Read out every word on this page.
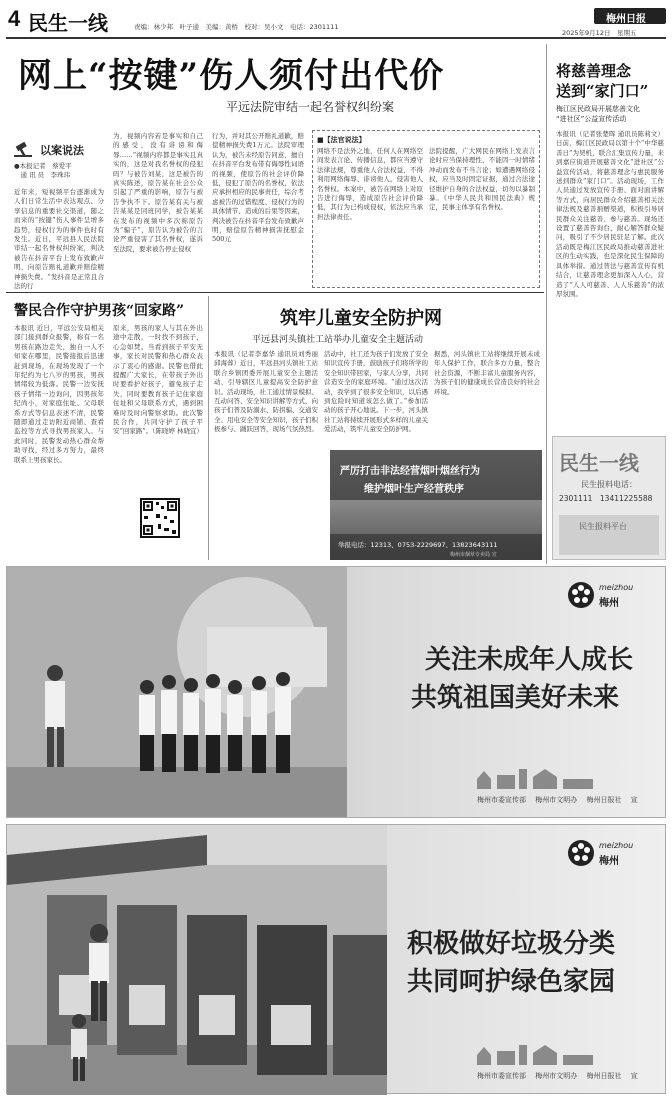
4 民生一线	责编：林少邦　叶子通　美编：黄桥　校对：吴小文　电话：2301111
梅州日报
2025年9月12日　星期五
网上“按键”伤人须付出代价
平远法院审结一起名誉权纠纷案
以案说法
●本报记者　蔡爱平
　通 讯 员　李珠玮
近年来，短视频平台逐渐成为人们日常生活中表达观点、分享信息的重要社交渠道，随之而来的“按键”伤人事件呈增多趋势，侵权行为的事件也时有发生。近日，平远县人民法院审结一起名誉权纠纷案，判决被告在抖音平台上发布致歉声明，向原告赔礼道歉并赔偿精神损失费。“发抖音是正常且合法的行
为，视频内容若是事实和自己的感受，没有诽谤和侮辱……”视频内容都是事实且真实的，这是对我名誉权的侵犯吗？与被告刘某，这是被告的真实陈述，原告某在社会公众引起了严重的影响，原告与被告争执不下。原告某有关与被告某某是同班同学，被告某某在发布的视频中多次称原告为“骗子”，原告认为被告的言论严重侵害了其名誉权，遂诉至法院，要求被告停止侵权
行为，并对其公开赔礼道歉，赔偿精神损失费1万元。法院审理认为，被告未经原告同意，擅自在抖音平台发布带有侮辱性词语的视频，使原告的社会评价降低，侵犯了原告的名誉权，依法应承担相应的民事责任，综合考虑被告的过错程度、侵权行为的具体情节、造成的后果等因素，判决被告在抖音平台发布致歉声明，赔偿原告精神损害抚慰金500元
■【法官说法】
网络不是法外之地，任何人在网络空间发表言论、传播信息，都应当遵守法律法规，尊重他人合法权益，不得利用网络侮辱、诽谤他人，侵害他人名誉权。本案中，被告在网络上对原告进行侮辱，造成原告社会评价降低，其行为已构成侵权，依法应当承担法律责任。
法院提醒，广大网民在网络上发表言论时应当保持理性，不能因一时情绪冲动而发布不当言论；如遭遇网络侵权，应当及时固定证据，通过合法途径维护自身的合法权益，切勿以暴制暴。《中华人民共和国民法典》规定，民事主体享有名誉权。
将慈善理念
送到“家门口”
梅江区民政局开展慈善文化
“进社区”公益宣传活动
本报讯（记者张楚晖 通讯员陈莉文）日前，梅江区民政局以第十个“中华慈善日”为契机，联合汇集宣传力量，来到嘉应街道开展慈善文化“进社区”公益宣传活动，将慈善理念与惠民服务送到群众“家门口”。活动现场，工作人员通过发放宣传手册、面对面讲解等方式，向居民群众介绍慈善相关法律法规及慈善捐赠渠道，积极引导居民群众关注慈善、参与慈善。现场还设置了慈善咨询台，耐心解答群众疑问，吸引了不少居民驻足了解。此次活动既是梅江区民政局推动慈善进社区的生动实践，也是深化民生保障的具体举措。通过普法与慈善宣传有机结合，让慈善理念更加深入人心，营造了“人人可慈善、人人乐慈善”的浓厚氛围。
民生一线
民生报料电话：
2301111　13411225588
民生报料平台
警民合作守护男孩“回家路”
本报讯 近日，平远公安局相关部门接到群众报警，称有一名男孩在路边走失，独自一人不知家在哪里，民警接报后迅速赶到现场，在现场发现了一个年纪约为七八岁的男孩，男孩情绪较为低落。民警一边安抚孩子情绪一边询问，因男孩年纪尚小，对家庭住址、父母联系方式等信息表述不清，民警随即通过走访附近商铺、查看监控等方式寻找男孩家人。与此同时，民警发动热心群众帮助寻找，经过多方努力，最终联系上男孩家长。
原来，男孩的家人与其在外出途中走散，一时找不到孩子，心急如焚。当看到孩子平安无事，家长对民警和热心群众表示了衷心的感谢。民警也借此提醒广大家长，在带孩子外出时要看护好孩子，避免孩子走失，同时要教育孩子记住家庭住址和父母联系方式，遇到困难时及时向警察求助。此次警民合作，共同守护了孩子平安“回家路”。（陈晓婷 林晓宜）
筑牢儿童安全防护网
平远县河头镇社工站举办儿童安全主题活动
本报讯（记者李嘉华 通讯员刘秀丽 邱海蓉）近日，平远县河头镇社工站联合乡镇团委开展儿童安全主题活动，引导辖区儿童提高安全防护意识。活动现场，社工通过情景模拟、互动问答、安全知识讲解等方式，向孩子们普及防溺水、防拐骗、交通安全、用电安全等安全知识，孩子们积极参与、踊跃回答，现场气氛热烈。
活动中，社工还为孩子们发放了安全知识宣传手册，鼓励孩子们将所学的安全知识带回家，与家人分享，共同营造安全的家庭环境。“通过这次活动，我学到了很多安全知识，以后遇到危险时知道该怎么做了。”参加活动的孩子开心地说。下一步，河头镇社工站将持续开展形式多样的儿童关爱活动，筑牢儿童安全防护网。
据悉，河头镇社工站将继续开展未成年人保护工作，联合多方力量，整合社会资源，不断丰富儿童服务内容，为孩子们的健康成长营造良好的社会环境。
严厉打击非法经营烟叶烟丝行为
维护烟叶生产经营秩序
举报电话：12313、0753-2229697、13823643111
梅州市烟草专卖局 宣
meizhou
梅州
关注未成年人成长
共筑祖国美好未来
梅州市委宣传部　 梅州市文明办　 梅州日报社　 宣
meizhou
梅州
积极做好垃圾分类
共同呵护绿色家园
梅州市委宣传部　 梅州市文明办　 梅州日报社　 宣
